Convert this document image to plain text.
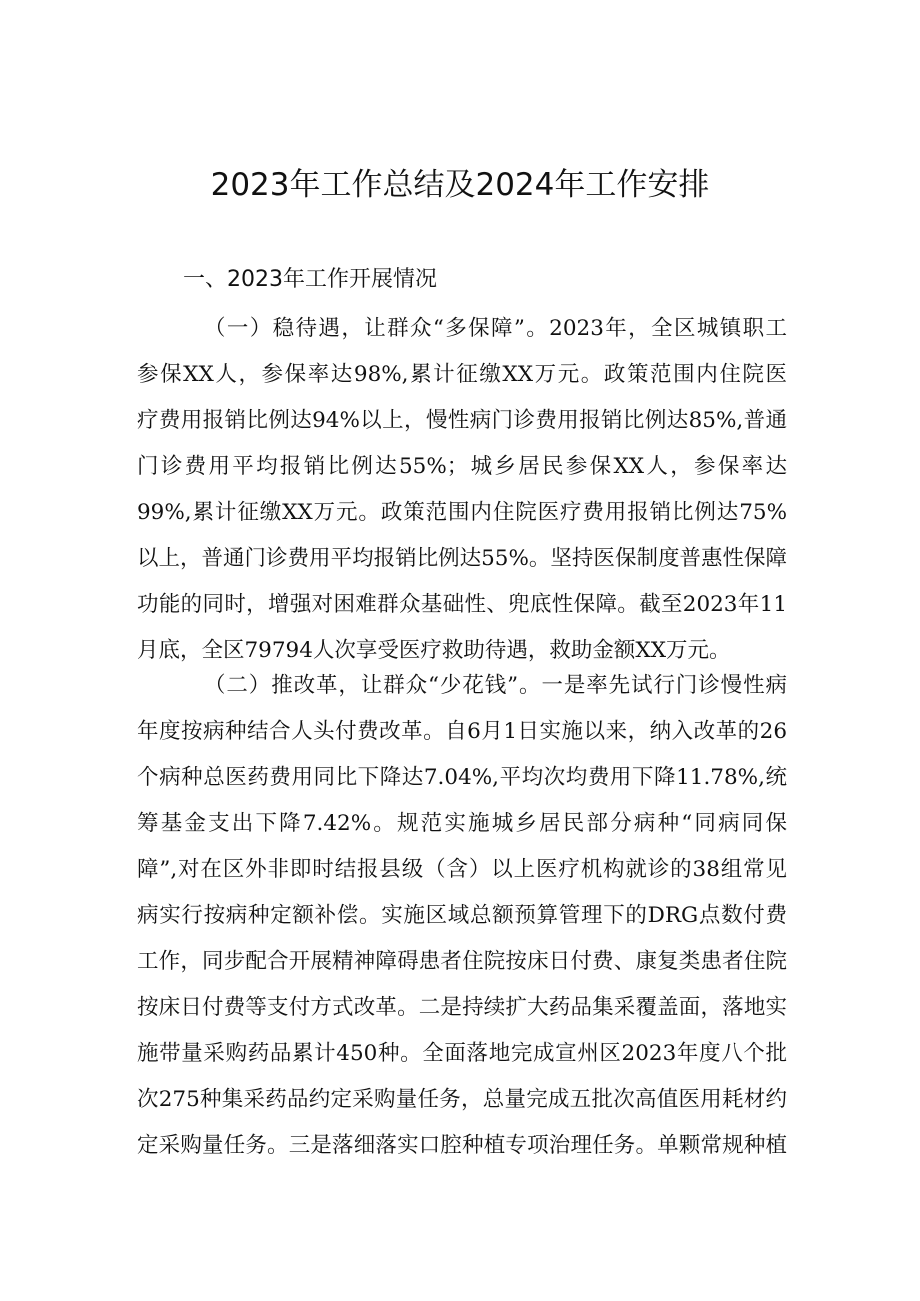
2023年工作总结及2024年工作安排
一、2023年工作开展情况
（一）稳待遇，让群众“多保障”。2023年，全区城镇职工
参保XX人，参保率达98%,累计征缴XX万元。政策范围内住院医
疗费用报销比例达94%以上，慢性病门诊费用报销比例达85%,普通
门诊费用平均报销比例达55%；城乡居民参保XX人，参保率达
99%,累计征缴XX万元。政策范围内住院医疗费用报销比例达75%
以上，普通门诊费用平均报销比例达55%。坚持医保制度普惠性保障
功能的同时，增强对困难群众基础性、兜底性保障。截至2023年11
月底，全区79794人次享受医疗救助待遇，救助金额XX万元。
（二）推改革，让群众“少花钱”。一是率先试行门诊慢性病
年度按病种结合人头付费改革。自6月1日实施以来，纳入改革的26
个病种总医药费用同比下降达7.04%,平均次均费用下降11.78%,统
筹基金支出下降7.42%。规范实施城乡居民部分病种“同病同保
障”,对在区外非即时结报县级（含）以上医疗机构就诊的38组常见
病实行按病种定额补偿。实施区域总额预算管理下的DRG点数付费
工作，同步配合开展精神障碍患者住院按床日付费、康复类患者住院
按床日付费等支付方式改革。二是持续扩大药品集采覆盖面，落地实
施带量采购药品累计450种。全面落地完成宣州区2023年度八个批
次275种集采药品约定采购量任务，总量完成五批次高值医用耗材约
定采购量任务。三是落细落实口腔种植专项治理任务。单颗常规种植
